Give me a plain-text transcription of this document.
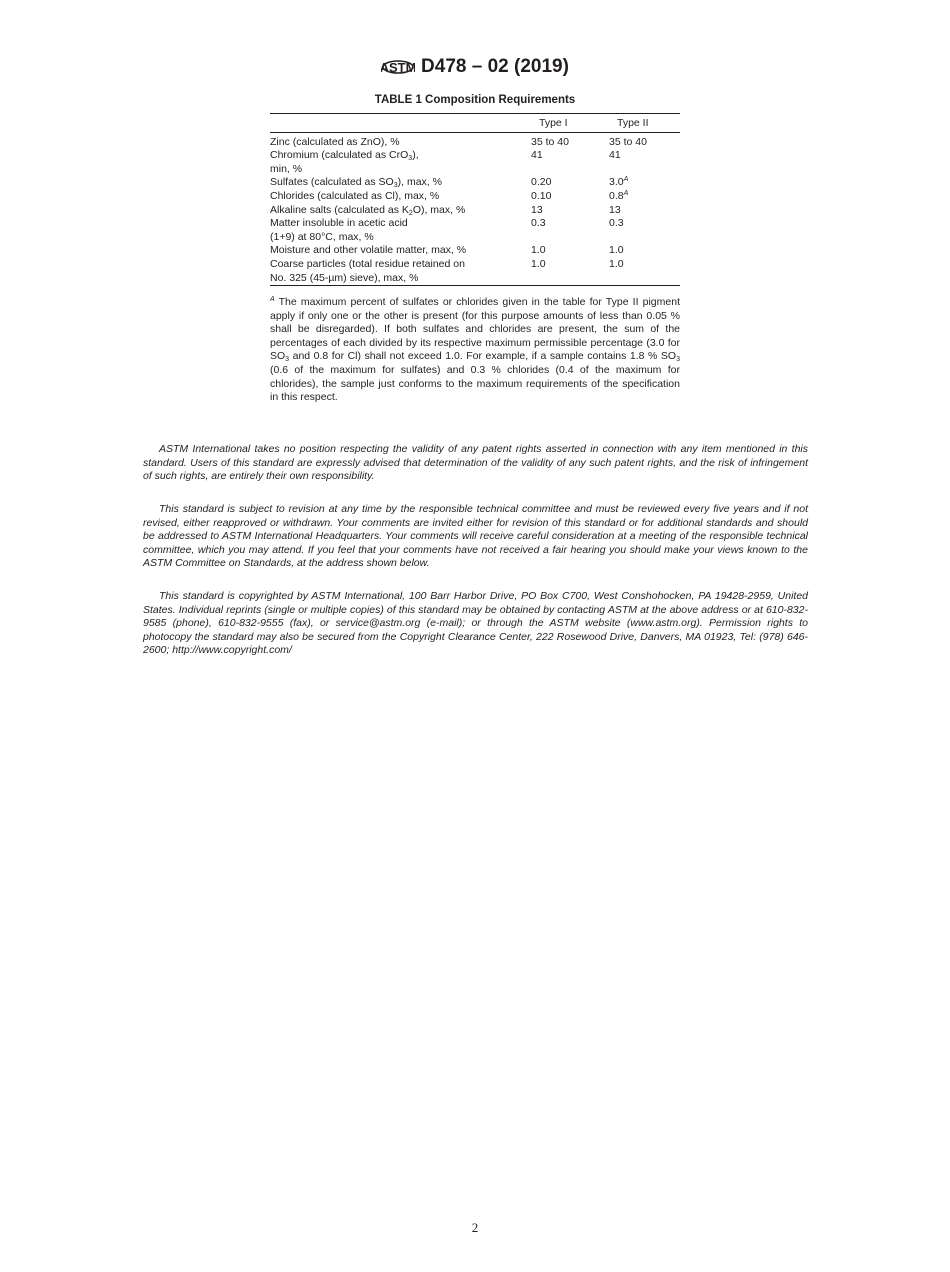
ASTM D478 – 02 (2019)
TABLE 1 Composition Requirements
Type I	Type II
Zinc (calculated as ZnO), %	35 to 40	35 to 40
Chromium (calculated as CrO$_3$),
min, %
41	41
Sulfates (calculated as $SO_3$), max, %	0.20	$3.0^A$
Chlorides (calculated as Cl), max, %	0.10	$0.8^A$
Alkaline salts (calculated as $K_2O$), max, %	13	13
Matter insoluble in acetic acid
(1+9) at 80°C, max, %
0.3	0.3
Moisture and other volatile matter, max, %	1.0	1.0
Coarse particles (total residue retained on
No. 325 (45-µm) sieve), max, %
1.0	1.0
$^A$ The maximum percent of sulfates or chlorides given in the table for Type II pigment apply if only one or the other is present (for this purpose amounts of less than 0.05 % shall be disregarded). If both sulfates and chlorides are present, the sum of the percentages of each divided by its respective maximum permissible percentage (3.0 for $SO_3$ and 0.8 for Cl) shall not exceed 1.0. For example, if a sample contains 1.8 % $SO_3$ (0.6 of the maximum for sulfates) and 0.3 % chlorides (0.4 of the maximum for chlorides), the sample just conforms to the maximum requirements of the specification in this respect.
ASTM International takes no position respecting the validity of any patent rights asserted in connection with any item mentioned in this standard. Users of this standard are expressly advised that determination of the validity of any such patent rights, and the risk of infringement of such rights, are entirely their own responsibility.
This standard is subject to revision at any time by the responsible technical committee and must be reviewed every five years and if not revised, either reapproved or withdrawn. Your comments are invited either for revision of this standard or for additional standards and should be addressed to ASTM International Headquarters. Your comments will receive careful consideration at a meeting of the responsible technical committee, which you may attend. If you feel that your comments have not received a fair hearing you should make your views known to the ASTM Committee on Standards, at the address shown below.
This standard is copyrighted by ASTM International, 100 Barr Harbor Drive, PO Box C700, West Conshohocken, PA 19428-2959, United States. Individual reprints (single or multiple copies) of this standard may be obtained by contacting ASTM at the above address or at 610-832-9585 (phone), 610-832-9555 (fax), or service@astm.org (e-mail); or through the ASTM website (www.astm.org). Permission rights to photocopy the standard may also be secured from the Copyright Clearance Center, 222 Rosewood Drive, Danvers, MA 01923, Tel: (978) 646-2600; http://www.copyright.com/
2
